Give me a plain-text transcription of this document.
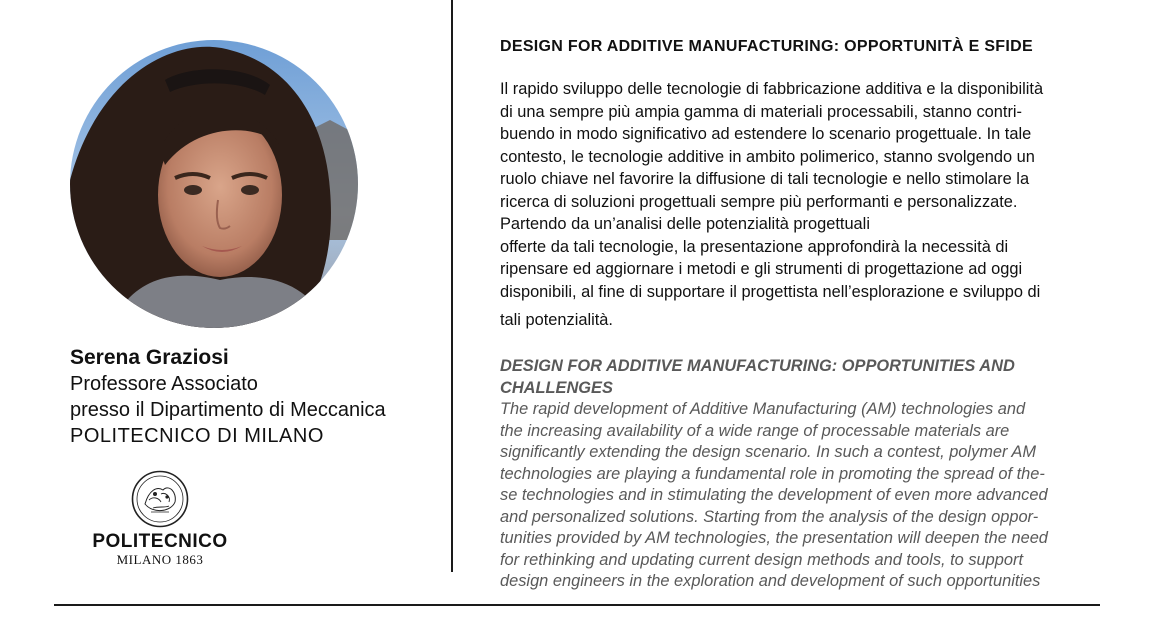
Serena Graziosi
Professore Associato
presso il Dipartimento di Meccanica
POLITECNICO DI MILANO
POLITECNICO
MILANO 1863
DESIGN FOR ADDITIVE MANUFACTURING: OPPORTUNITÀ E SFIDE
Il rapido sviluppo delle tecnologie di fabbricazione additiva e la disponibilità
di una sempre più ampia gamma di materiali processabili, stanno contri-
buendo in modo significativo ad estendere lo scenario progettuale. In tale
contesto, le tecnologie additive in ambito polimerico, stanno svolgendo un
ruolo chiave nel favorire la diffusione di tali tecnologie e nello stimolare la
ricerca di soluzioni progettuali sempre più performanti e personalizzate.
Partendo da un’analisi delle potenzialità progettuali
offerte da tali tecnologie, la presentazione approfondirà la necessità di
ripensare ed aggiornare i metodi e gli strumenti di progettazione ad oggi
disponibili, al fine di supportare il progettista nell’esplorazione e sviluppo di
tali potenzialità.
DESIGN FOR ADDITIVE MANUFACTURING: OPPORTUNITIES AND CHALLENGES
The rapid development of Additive Manufacturing (AM) technologies and
the increasing availability of a wide range of processable materials are
significantly extending the design scenario. In such a contest, polymer AM
technologies are playing a fundamental role in promoting the spread of the-
se technologies and in stimulating the development of even more advanced
and personalized solutions. Starting from the analysis of the design oppor-
tunities provided by AM technologies, the presentation will deepen the need
for rethinking and updating current design methods and tools, to support
design engineers in the exploration and development of such opportunities
